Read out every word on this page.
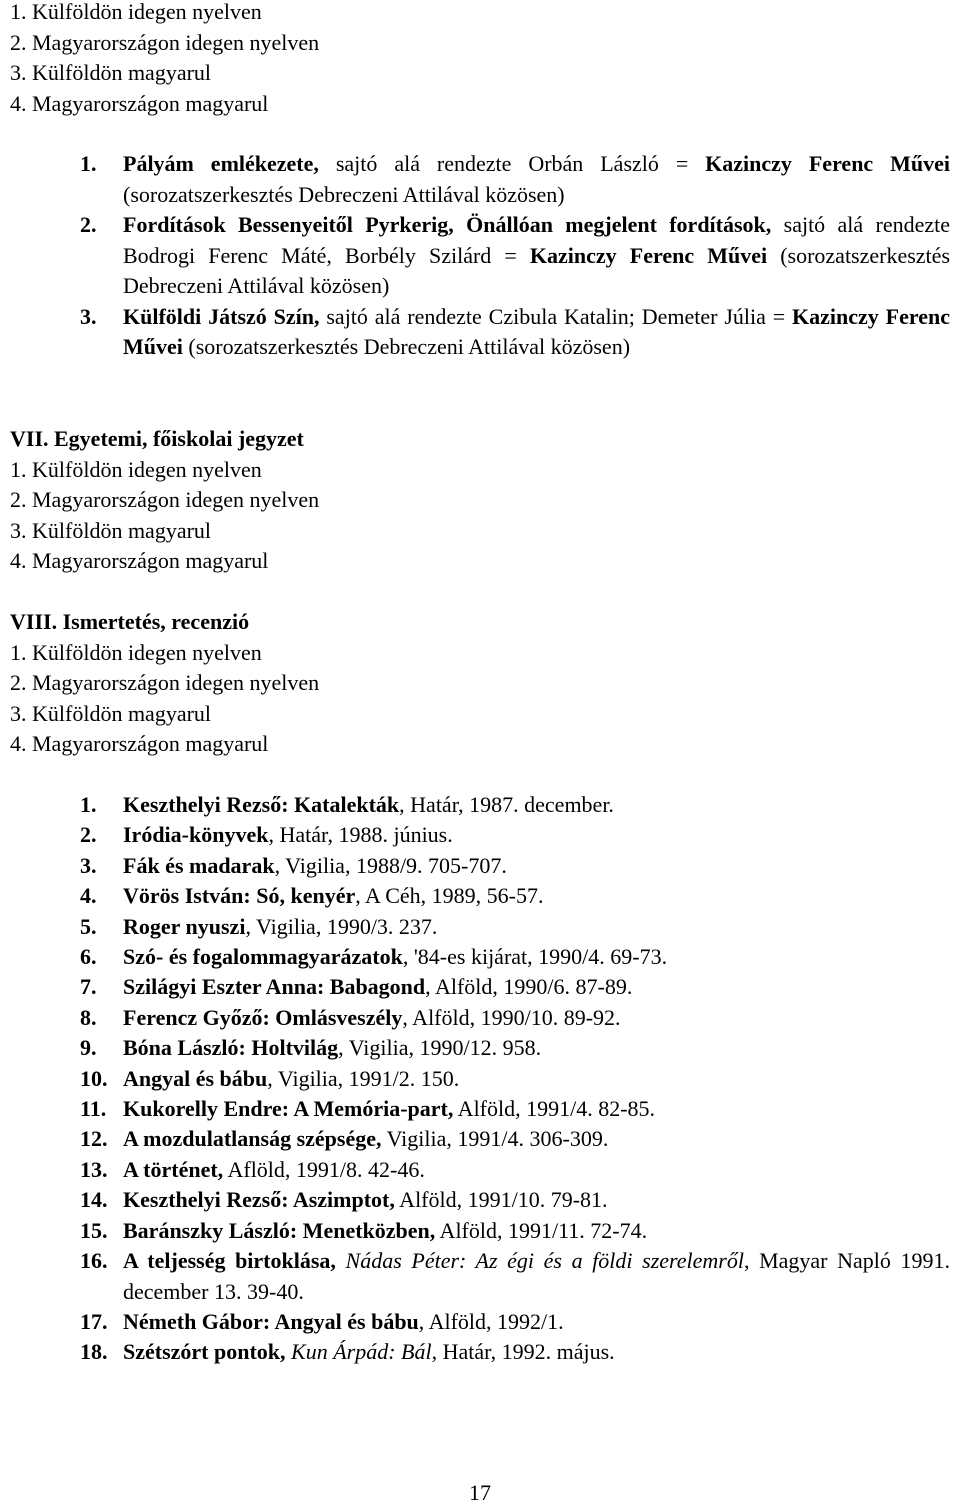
1. Külföldön idegen nyelven

2. Magyarországon idegen nyelven

3. Külföldön magyarul

4. Magyarországon magyarul

1. Pályám emlékezete, sajtó alá rendezte Orbán László = Kazinczy Ferenc Művei (sorozatszerkesztés Debreczeni Attilával közösen)
2. Fordítások Bessenyeitől Pyrkerig, Önállóan megjelent fordítások, sajtó alá rendezte Bodrogi Ferenc Máté, Borbély Szilárd = Kazinczy Ferenc Művei (sorozatszerkesztés Debreczeni Attilával közösen)
3. Külföldi Játszó Szín, sajtó alá rendezte Czibula Katalin; Demeter Júlia = Kazinczy Ferenc Művei (sorozatszerkesztés Debreczeni Attilával közösen)

VII. Egyetemi, főiskolai jegyzet

1. Külföldön idegen nyelven

2. Magyarországon idegen nyelven

3. Külföldön magyarul

4. Magyarországon magyarul

VIII. Ismertetés, recenzió

1. Külföldön idegen nyelven

2. Magyarországon idegen nyelven

3. Külföldön magyarul

4. Magyarországon magyarul

1. Keszthelyi Rezső: Katalekták, Határ, 1987. december.
2. Iródia-könyvek, Határ, 1988. június.
3. Fák és madarak, Vigilia, 1988/9. 705-707.
4. Vörös István: Só, kenyér, A Céh, 1989, 56-57.
5. Roger nyuszi, Vigilia, 1990/3. 237.
6. Szó- és fogalommagyarázatok, '84-es kijárat, 1990/4. 69-73.
7. Szilágyi Eszter Anna: Babagond, Alföld, 1990/6. 87-89.
8. Ferencz Győző: Omlásveszély, Alföld, 1990/10. 89-92.
9. Bóna László: Holtvilág, Vigilia, 1990/12. 958.
10. Angyal és bábu, Vigilia, 1991/2. 150.
11. Kukorelly Endre: A Memória-part, Alföld, 1991/4. 82-85.
12. A mozdulatlanság szépsége, Vigilia, 1991/4. 306-309.
13. A történet, Aflöld, 1991/8. 42-46.
14. Keszthelyi Rezső: Aszimptot, Alföld, 1991/10. 79-81.
15. Baránszky László: Menetközben, Alföld, 1991/11. 72-74.
16. A teljesség birtoklása, Nádas Péter: Az égi és a földi szerelemről, Magyar Napló 1991. december 13. 39-40.
17. Németh Gábor: Angyal és bábu, Alföld, 1992/1.
18. Szétszórt pontok, Kun Árpád: Bál, Határ, 1992. május.
17
